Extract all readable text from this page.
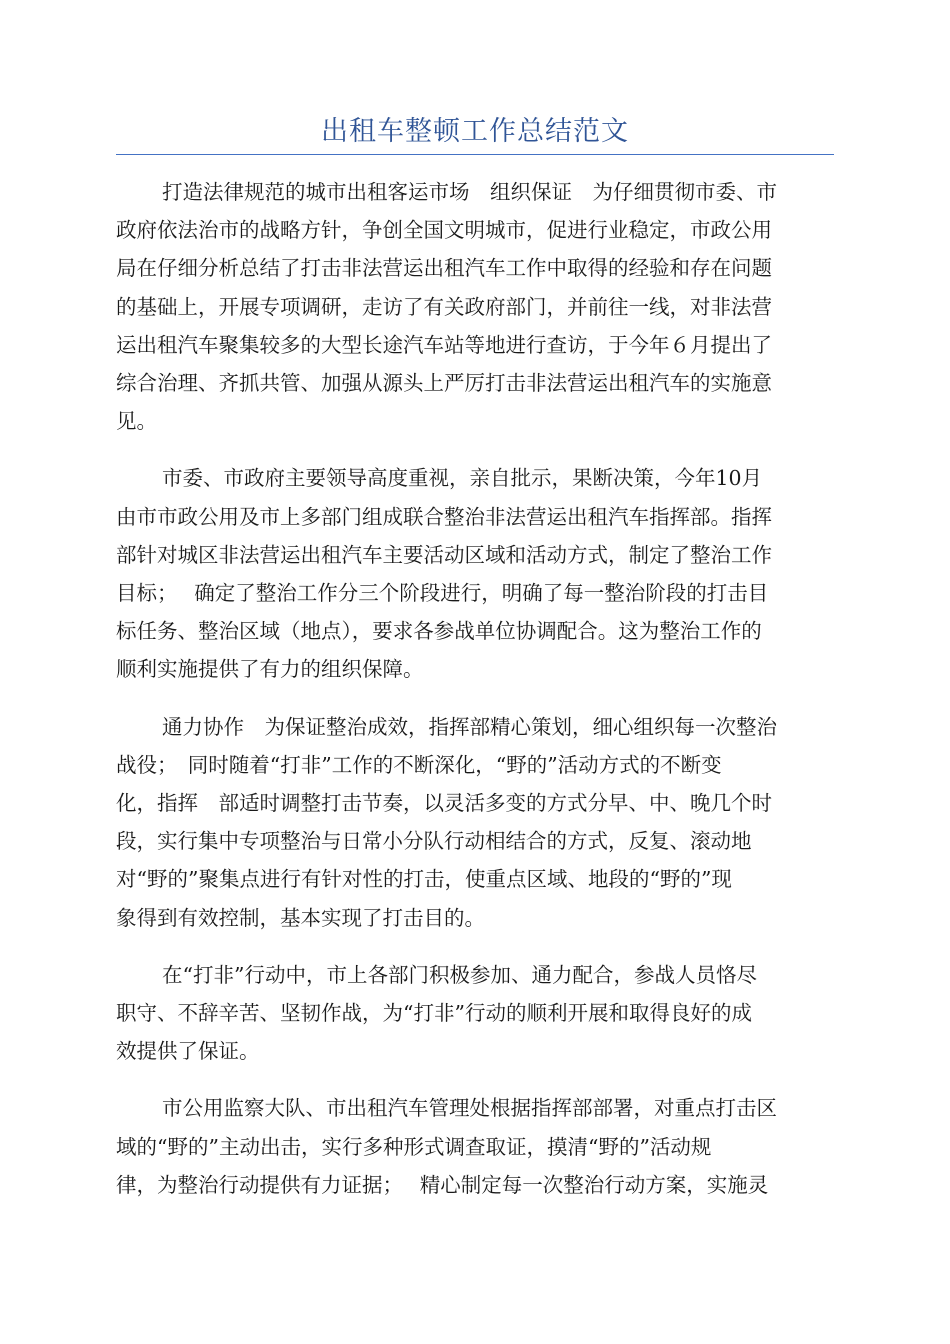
出租车整顿工作总结范文

打造法律规范的城市出租客运市场　组织保证　为仔细贯彻市委、市
政府依法治市的战略方针，争创全国文明城市，促进行业稳定，市政公用
局在仔细分析总结了打击非法营运出租汽车工作中取得的经验和存在问题
的基础上，开展专项调研，走访了有关政府部门，并前往一线，对非法营
运出租汽车聚集较多的大型长途汽车站等地进行查访，于今年６月提出了
综合治理、齐抓共管、加强从源头上严厉打击非法营运出租汽车的实施意
见。

市委、市政府主要领导高度重视，亲自批示，果断决策，今年10月
由市市政公用及市上多部门组成联合整治非法营运出租汽车指挥部。指挥
部针对城区非法营运出租汽车主要活动区域和活动方式，制定了整治工作
目标；　 确定了整治工作分三个阶段进行，明确了每一整治阶段的打击目
标任务、整治区域（地点），要求各参战单位协调配合。这为整治工作的
顺利实施提供了有力的组织保障。

通力协作　为保证整治成效，指挥部精心策划，细心组织每一次整治
战役；　同时随着“打非”工作的不断深化，“野的”活动方式的不断变
化，指挥　部适时调整打击节奏，以灵活多变的方式分早、中、晚几个时
段，实行集中专项整治与日常小分队行动相结合的方式，反复、滚动地
对“野的”聚集点进行有针对性的打击，使重点区域、地段的“野的”现
象得到有效控制，基本实现了打击目的。

在“打非”行动中，市上各部门积极参加、通力配合，参战人员恪尽
职守、不辞辛苦、坚韧作战，为“打非”行动的顺利开展和取得良好的成
效提供了保证。

市公用监察大队、市出租汽车管理处根据指挥部部署，对重点打击区
域的“野的”主动出击，实行多种形式调查取证，摸清“野的”活动规
律，为整治行动提供有力证据；　 精心制定每一次整治行动方案，实施灵
